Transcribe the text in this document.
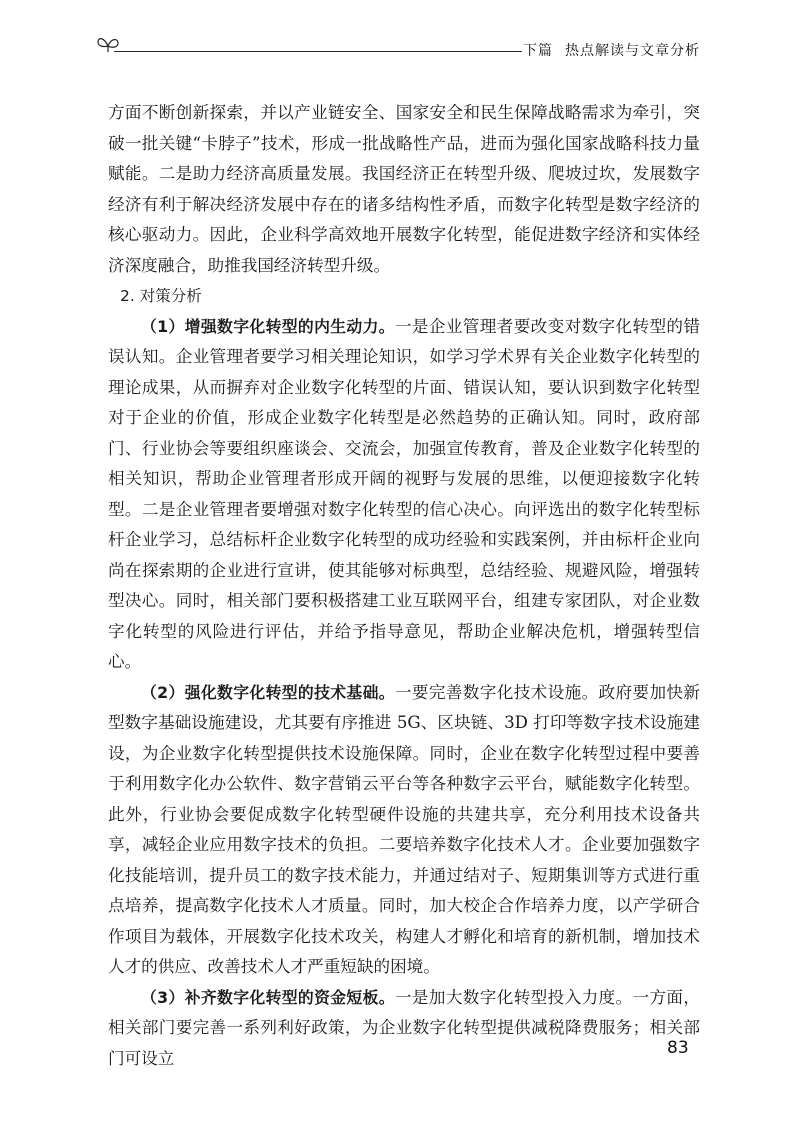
下篇 热点解读与文章分析

方面不断创新探索，并以产业链安全、国家安全和民生保障战略需求为牵引，突破一批关键“卡脖子”技术，形成一批战略性产品，进而为强化国家战略科技力量赋能。二是助力经济高质量发展。我国经济正在转型升级、爬坡过坎，发展数字经济有利于解决经济发展中存在的诸多结构性矛盾，而数字化转型是数字经济的核心驱动力。因此，企业科学高效地开展数字化转型，能促进数字经济和实体经济深度融合，助推我国经济转型升级。

2. 对策分析

（1）增强数字化转型的内生动力。一是企业管理者要改变对数字化转型的错误认知。企业管理者要学习相关理论知识，如学习学术界有关企业数字化转型的理论成果，从而摒弃对企业数字化转型的片面、错误认知，要认识到数字化转型对于企业的价值，形成企业数字化转型是必然趋势的正确认知。同时，政府部门、行业协会等要组织座谈会、交流会，加强宣传教育，普及企业数字化转型的相关知识，帮助企业管理者形成开阔的视野与发展的思维，以便迎接数字化转型。二是企业管理者要增强对数字化转型的信心决心。向评选出的数字化转型标杆企业学习，总结标杆企业数字化转型的成功经验和实践案例，并由标杆企业向尚在探索期的企业进行宣讲，使其能够对标典型，总结经验、规避风险，增强转型决心。同时，相关部门要积极搭建工业互联网平台，组建专家团队，对企业数字化转型的风险进行评估，并给予指导意见，帮助企业解决危机，增强转型信心。

（2）强化数字化转型的技术基础。一要完善数字化技术设施。政府要加快新型数字基础设施建设，尤其要有序推进 5G、区块链、3D 打印等数字技术设施建设，为企业数字化转型提供技术设施保障。同时，企业在数字化转型过程中要善于利用数字化办公软件、数字营销云平台等各种数字云平台，赋能数字化转型。此外，行业协会要促成数字化转型硬件设施的共建共享，充分利用技术设备共享，减轻企业应用数字技术的负担。二要培养数字化技术人才。企业要加强数字化技能培训，提升员工的数字技术能力，并通过结对子、短期集训等方式进行重点培养，提高数字化技术人才质量。同时，加大校企合作培养力度，以产学研合作项目为载体，开展数字化技术攻关，构建人才孵化和培育的新机制，增加技术人才的供应、改善技术人才严重短缺的困境。

（3）补齐数字化转型的资金短板。一是加大数字化转型投入力度。一方面，相关部门要完善一系列利好政策，为企业数字化转型提供减税降费服务；相关部门可设立	83
